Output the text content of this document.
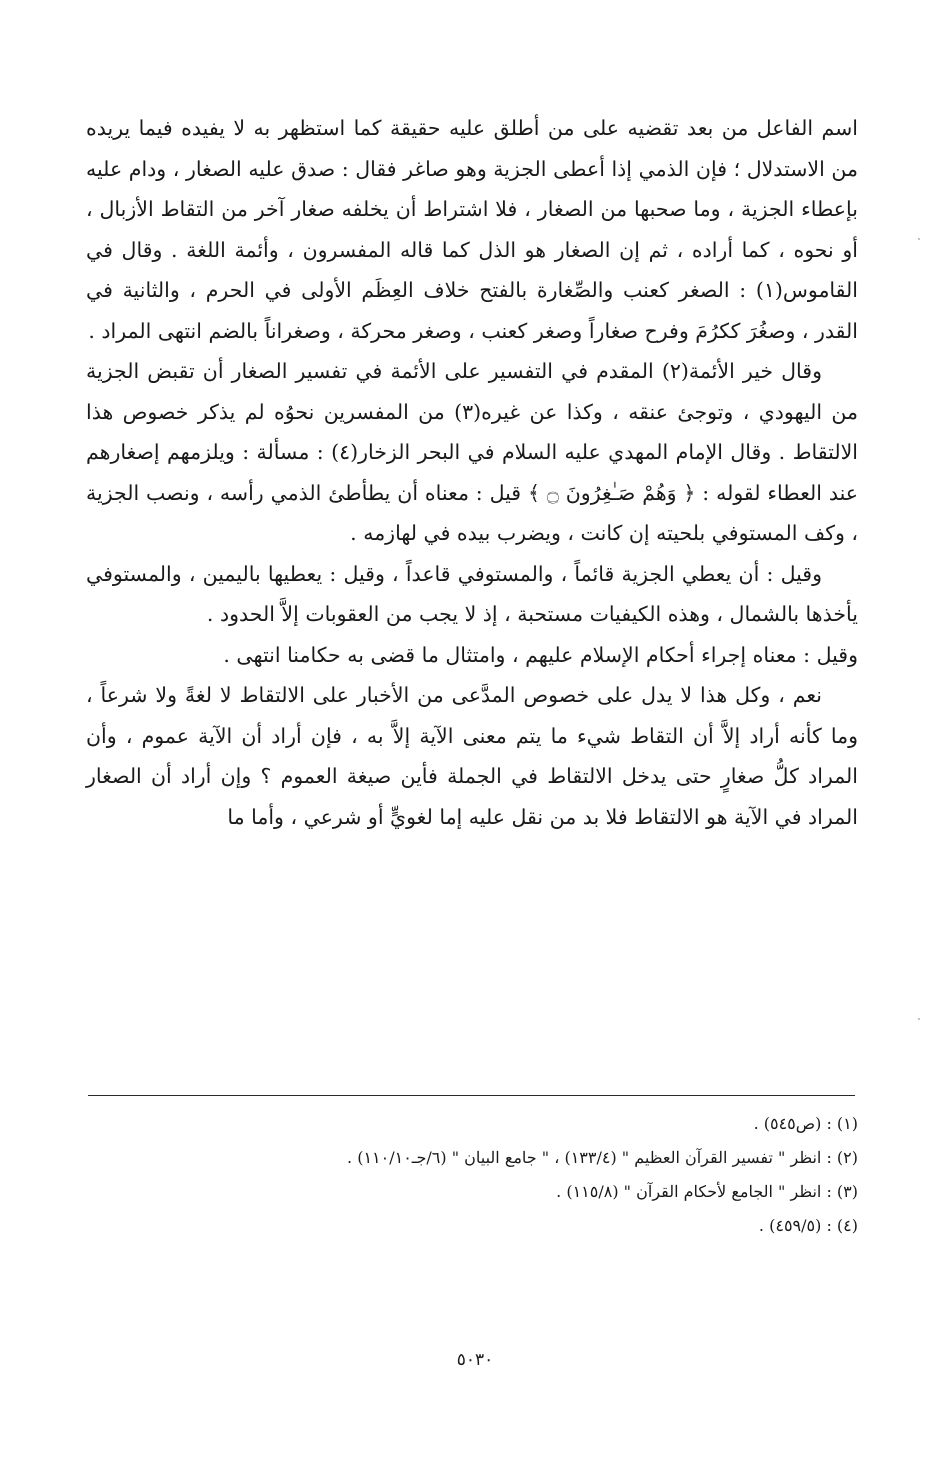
اسم الفاعل من بعد تقضيه على من أطلق عليه حقيقة كما استظهر به لا يفيده فيما يريده من الاستدلال ؛ فإن الذمي إذا أعطى الجزية وهو صاغر فقال : صدق عليه الصغار ، ودام عليه بإعطاء الجزية ، وما صحبها من الصغار ، فلا اشتراط أن يخلفه صغار آخر من التقاط الأزبال ، أو نحوه ، كما أراده ، ثم إن الصغار هو الذل كما قاله المفسرون ، وأئمة اللغة . وقال في القاموس(١) : الصغر كعنب والصِّغارة بالفتح خلاف العِظَم الأولى في الحرم ، والثانية في القدر ، وصغُرَ ككرُمَ وفرح صغاراً وصغر كعنب ، وصغر محركة ، وصغراناً بالضم انتهى المراد .

وقال خير الأئمة(٢) المقدم في التفسير على الأئمة في تفسير الصغار أن تقبض الجزية من اليهودي ، وتوجئ عنقه ، وكذا عن غيره(٣) من المفسرين نحوُه لم يذكر خصوص هذا الالتقاط . وقال الإمام المهدي عليه السلام في البحر الزخار(٤) : مسألة : ويلزمهم إصغارهم عند العطاء لقوله : ﴿ وَهُمْ صَـٰغِرُونَ ۝ ﴾ قيل : معناه أن يطأطئ الذمي رأسه ، ونصب الجزية ، وكف المستوفي بلحيته إن كانت ، ويضرب بيده في لهازمه .

وقيل : أن يعطي الجزية قائماً ، والمستوفي قاعداً ، وقيل : يعطيها باليمين ، والمستوفي يأخذها بالشمال ، وهذه الكيفيات مستحبة ، إذ لا يجب من العقوبات إلاَّ الحدود .

وقيل : معناه إجراء أحكام الإسلام عليهم ، وامتثال ما قضى به حكامنا انتهى .

نعم ، وكل هذا لا يدل على خصوص المدَّعى من الأخبار على الالتقاط لا لغةً ولا شرعاً ، وما كأنه أراد إلاَّ أن التقاط شيء ما يتم معنى الآية إلاَّ به ، فإن أراد أن الآية عموم ، وأن المراد كلُّ صغارٍ حتى يدخل الالتقاط في الجملة فأين صيغة العموم ؟ وإن أراد أن الصغار المراد في الآية هو الالتقاط فلا بد من نقل عليه إما لغويٍّ أو شرعي ، وأما ما

(١) : (ص٥٤٥) .

(٢) : انظر " تفسير القرآن العظيم " (١٣٣/٤) ، " جامع البيان " (٦/جـ١١٠/١٠) .

(٣) : انظر " الجامع لأحكام القرآن " (١١٥/٨) .

(٤) : (٤٥٩/٥) .

٥٠٣٠
